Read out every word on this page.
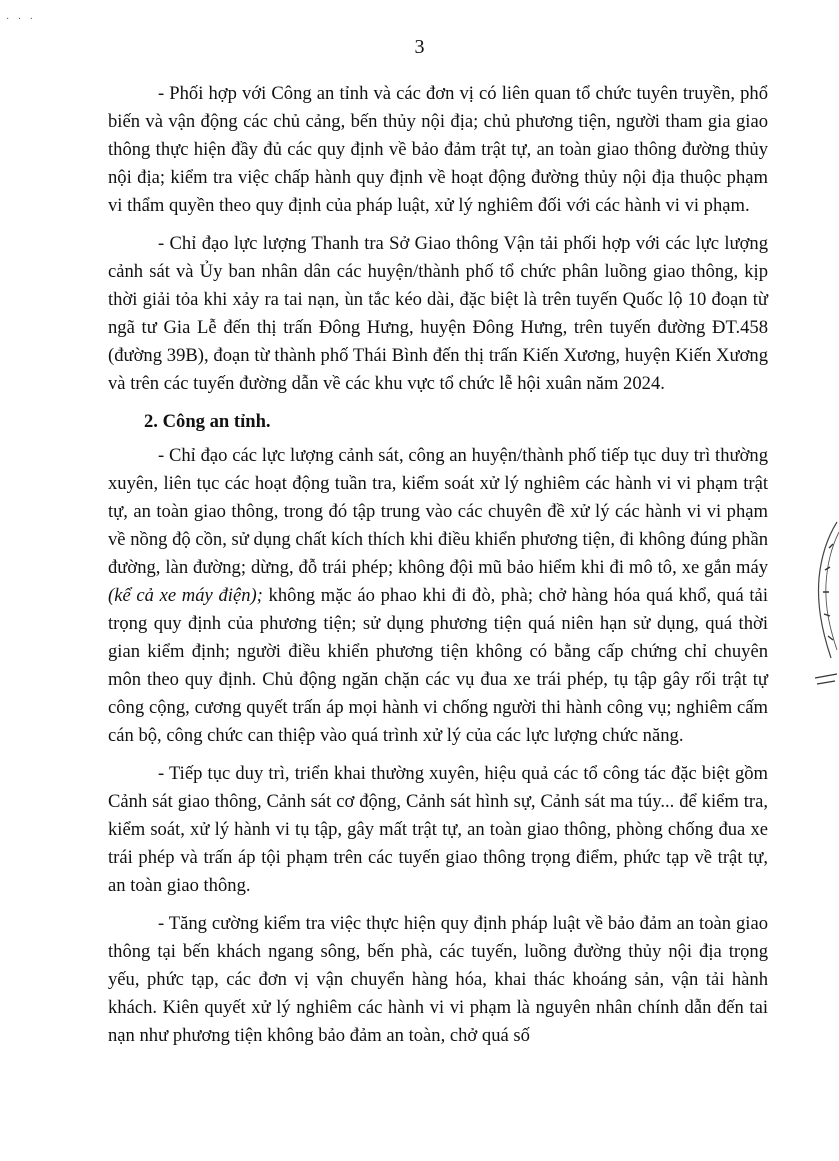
· · ·
3

- Phối hợp với Công an tỉnh và các đơn vị có liên quan tổ chức tuyên truyền, phổ biến và vận động các chủ cảng, bến thủy nội địa; chủ phương tiện, người tham gia giao thông thực hiện đầy đủ các quy định về bảo đảm trật tự, an toàn giao thông đường thủy nội địa; kiểm tra việc chấp hành quy định về hoạt động đường thủy nội địa thuộc phạm vi thẩm quyền theo quy định của pháp luật, xử lý nghiêm đối với các hành vi vi phạm.

- Chỉ đạo lực lượng Thanh tra Sở Giao thông Vận tải phối hợp với các lực lượng cảnh sát và Ủy ban nhân dân các huyện/thành phố tổ chức phân luồng giao thông, kịp thời giải tỏa khi xảy ra tai nạn, ùn tắc kéo dài, đặc biệt là trên tuyến Quốc lộ 10 đoạn từ ngã tư Gia Lễ đến thị trấn Đông Hưng, huyện Đông Hưng, trên tuyến đường ĐT.458 (đường 39B), đoạn từ thành phố Thái Bình đến thị trấn Kiến Xương, huyện Kiến Xương và trên các tuyến đường dẫn về các khu vực tổ chức lễ hội xuân năm 2024.

2. Công an tỉnh.

- Chỉ đạo các lực lượng cảnh sát, công an huyện/thành phố tiếp tục duy trì thường xuyên, liên tục các hoạt động tuần tra, kiểm soát xử lý nghiêm các hành vi vi phạm trật tự, an toàn giao thông, trong đó tập trung vào các chuyên đề xử lý các hành vi vi phạm về nồng độ cồn, sử dụng chất kích thích khi điều khiển phương tiện, đi không đúng phần đường, làn đường; dừng, đỗ trái phép; không đội mũ bảo hiểm khi đi mô tô, xe gắn máy (kể cả xe máy điện); không mặc áo phao khi đi đò, phà; chở hàng hóa quá khổ, quá tải trọng quy định của phương tiện; sử dụng phương tiện quá niên hạn sử dụng, quá thời gian kiểm định; người điều khiển phương tiện không có bằng cấp chứng chỉ chuyên môn theo quy định. Chủ động ngăn chặn các vụ đua xe trái phép, tụ tập gây rối trật tự công cộng, cương quyết trấn áp mọi hành vi chống người thi hành công vụ; nghiêm cấm cán bộ, công chức can thiệp vào quá trình xử lý của các lực lượng chức năng.

- Tiếp tục duy trì, triển khai thường xuyên, hiệu quả các tổ công tác đặc biệt gồm Cảnh sát giao thông, Cảnh sát cơ động, Cảnh sát hình sự, Cảnh sát ma túy... để kiểm tra, kiểm soát, xử lý hành vi tụ tập, gây mất trật tự, an toàn giao thông, phòng chống đua xe trái phép và trấn áp tội phạm trên các tuyến giao thông trọng điểm, phức tạp về trật tự, an toàn giao thông.

- Tăng cường kiểm tra việc thực hiện quy định pháp luật về bảo đảm an toàn giao thông tại bến khách ngang sông, bến phà, các tuyến, luồng đường thủy nội địa trọng yếu, phức tạp, các đơn vị vận chuyển hàng hóa, khai thác khoáng sản, vận tải hành khách. Kiên quyết xử lý nghiêm các hành vi vi phạm là nguyên nhân chính dẫn đến tai nạn như phương tiện không bảo đảm an toàn, chở quá số
